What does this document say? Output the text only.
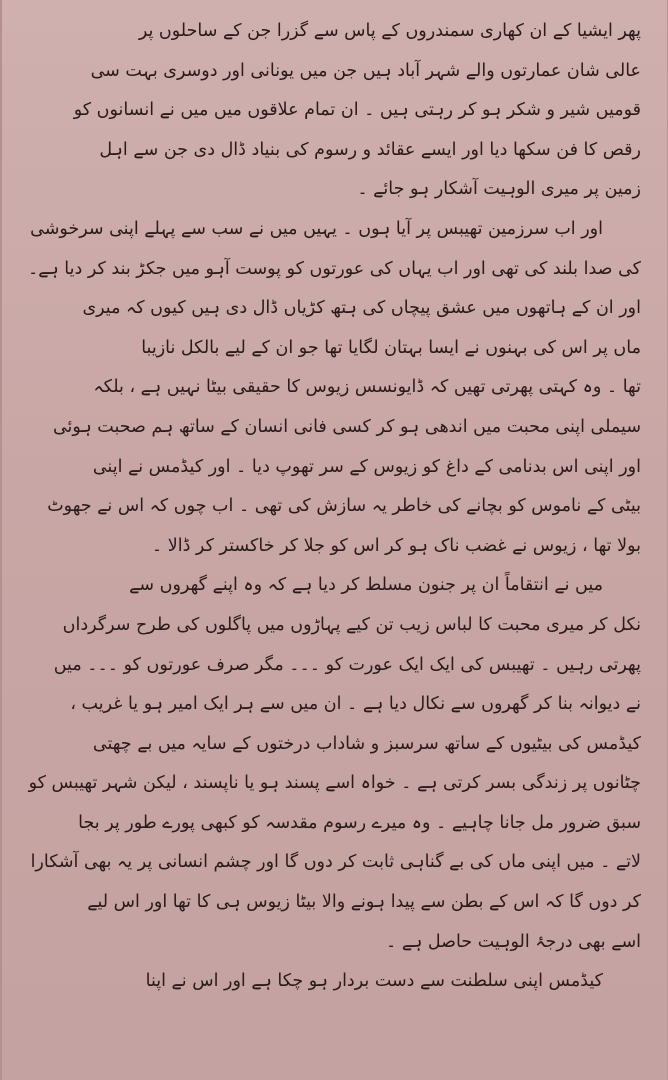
پھر ایشیا کے ان کھاری سمندروں کے پاس سے گزرا جن کے ساحلوں پر
عالی شان عمارتوں والے شہر آباد ہیں جن میں یونانی اور دوسری بہت سی
قومیں شیر و شکر ہو کر رہتی ہیں ۔ ان تمام علاقوں میں میں نے انسانوں کو
رقص کا فن سکھا دیا اور ایسے عقائد و رسوم کی بنیاد ڈال دی جن سے اہل
زمین پر میری الوہیت آشکار ہو جائے ۔
اور اب سرزمین تھیبس پر آیا ہوں ۔ یہیں میں نے سب سے پہلے اپنی سرخوشی
کی صدا بلند کی تھی اور اب یہاں کی عورتوں کو پوست آہو میں جکڑ بند کر دیا ہے۔
اور ان کے ہاتھوں میں عشق پیچاں کی ہتھ کڑیاں ڈال دی ہیں کیوں کہ میری
ماں پر اس کی بہنوں نے ایسا بہتان لگایا تھا جو ان کے لیے بالکل نازیبا
تھا ۔ وہ کہتی پھرتی تھیں کہ ڈایونسس زیوس کا حقیقی بیٹا نہیں ہے ، بلکہ
سیملی اپنی محبت میں اندھی ہو کر کسی فانی انسان کے ساتھ ہم صحبت ہوئی
اور اپنی اس بدنامی کے داغ کو زیوس کے سر تھوپ دیا ۔ اور کیڈمس نے اپنی
بیٹی کے ناموس کو بچانے کی خاطر یہ سازش کی تھی ۔ اب چوں کہ اس نے جھوٹ
بولا تھا ، زیوس نے غضب ناک ہو کر اس کو جلا کر خاکستر کر ڈالا ۔
میں نے انتقاماً ان پر جنون مسلط کر دیا ہے کہ وہ اپنے گھروں سے
نکل کر میری محبت کا لباس زیب تن کیے پہاڑوں میں پاگلوں کی طرح سرگرداں
پھرتی رہیں ۔ تھیبس کی ایک ایک عورت کو ۔۔۔ مگر صرف عورتوں کو ۔۔۔ میں
نے دیوانہ بنا کر گھروں سے نکال دیا ہے ۔ ان میں سے ہر ایک امیر ہو یا غریب ،
کیڈمس کی بیٹیوں کے ساتھ سرسبز و شاداب درختوں کے سایہ میں بے چھتی
چٹانوں پر زندگی بسر کرتی ہے ۔ خواہ اسے پسند ہو یا ناپسند ، لیکن شہر تھیبس کو
سبق ضرور مل جانا چاہیے ۔ وہ میرے رسوم مقدسہ کو کبھی پورے طور پر بجا
لاتے ۔ میں اپنی ماں کی بے گناہی ثابت کر دوں گا اور چشم انسانی پر یہ بھی آشکارا
کر دوں گا کہ اس کے بطن سے پیدا ہونے والا بیٹا زیوس ہی کا تھا اور اس لیے
اسے بھی درجۂ الوہیت حاصل ہے ۔
کیڈمس اپنی سلطنت سے دست بردار ہو چکا ہے اور اس نے اپنا
